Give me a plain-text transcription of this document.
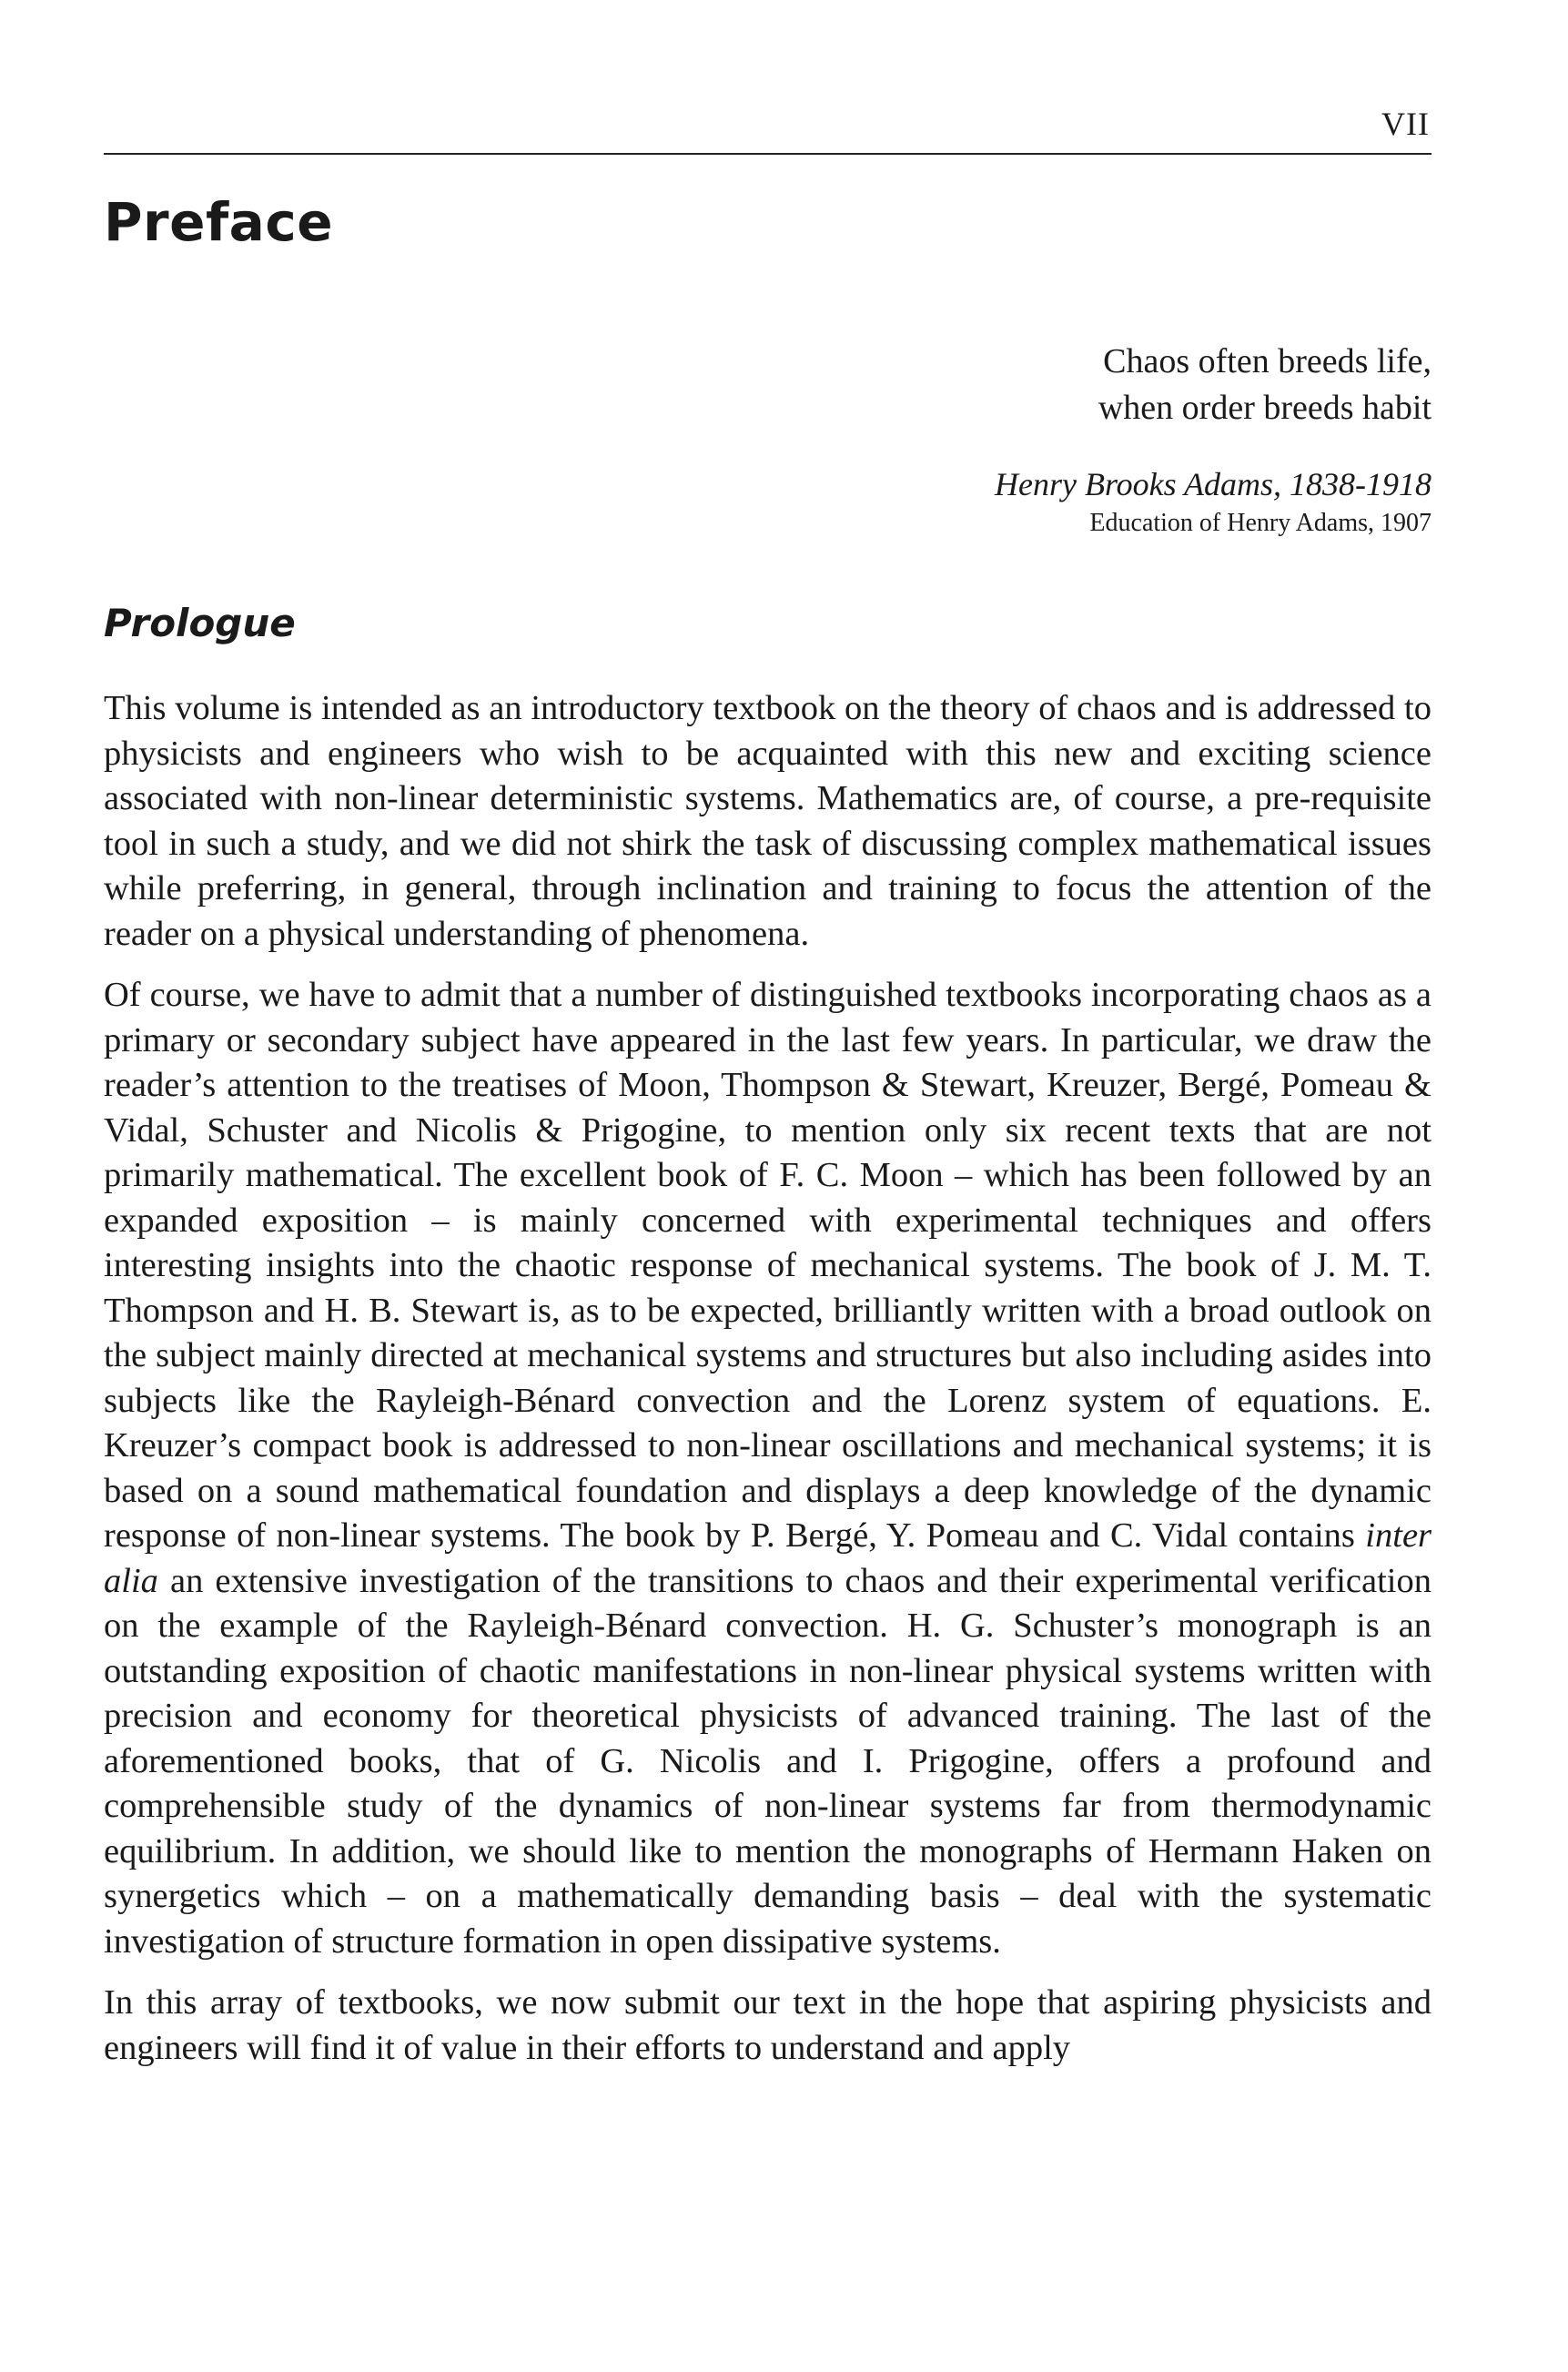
VII
Preface
Chaos often breeds life,
when order breeds habit
Henry Brooks Adams, 1838-1918
Education of Henry Adams, 1907
Prologue

This volume is intended as an introductory textbook on the theory of chaos and is addressed to physicists and engineers who wish to be acquainted with this new and exciting science associated with non-linear deterministic systems. Mathematics are, of course, a pre-requisite tool in such a study, and we did not shirk the task of discussing complex mathematical issues while preferring, in general, through inclination and training to focus the attention of the reader on a physical understanding of phenomena.

Of course, we have to admit that a number of distinguished textbooks incorporating chaos as a primary or secondary subject have appeared in the last few years. In particular, we draw the reader’s attention to the treatises of Moon, Thompson & Stewart, Kreuzer, Bergé, Pomeau & Vidal, Schuster and Nicolis & Prigogine, to mention only six recent texts that are not primarily mathematical. The excellent book of F. C. Moon – which has been followed by an expanded exposition – is mainly concerned with experimental techniques and offers interesting insights into the chaotic response of mechanical systems. The book of J. M. T. Thompson and H. B. Stewart is, as to be expected, brilliantly written with a broad outlook on the subject mainly directed at mechanical systems and structures but also including asides into subjects like the Rayleigh-Bénard convection and the Lorenz system of equations. E. Kreuzer’s compact book is addressed to non-linear oscillations and mechanical systems; it is based on a sound mathematical foundation and displays a deep knowledge of the dynamic response of non-linear systems. The book by P. Bergé, Y. Pomeau and C. Vidal contains inter alia an extensive investigation of the transitions to chaos and their experimental verification on the example of the Rayleigh-Bénard convection. H. G. Schuster’s monograph is an outstanding exposition of chaotic manifestations in non-linear physical systems written with precision and economy for theoretical physicists of advanced training. The last of the aforementioned books, that of G. Nicolis and I. Prigogine, offers a profound and comprehensible study of the dynamics of non-linear systems far from thermodynamic equilibrium. In addition, we should like to mention the monographs of Hermann Haken on synergetics which – on a mathematically demanding basis – deal with the systematic investigation of structure formation in open dissipative systems.

In this array of textbooks, we now submit our text in the hope that aspiring physicists and engineers will find it of value in their efforts to understand and apply
